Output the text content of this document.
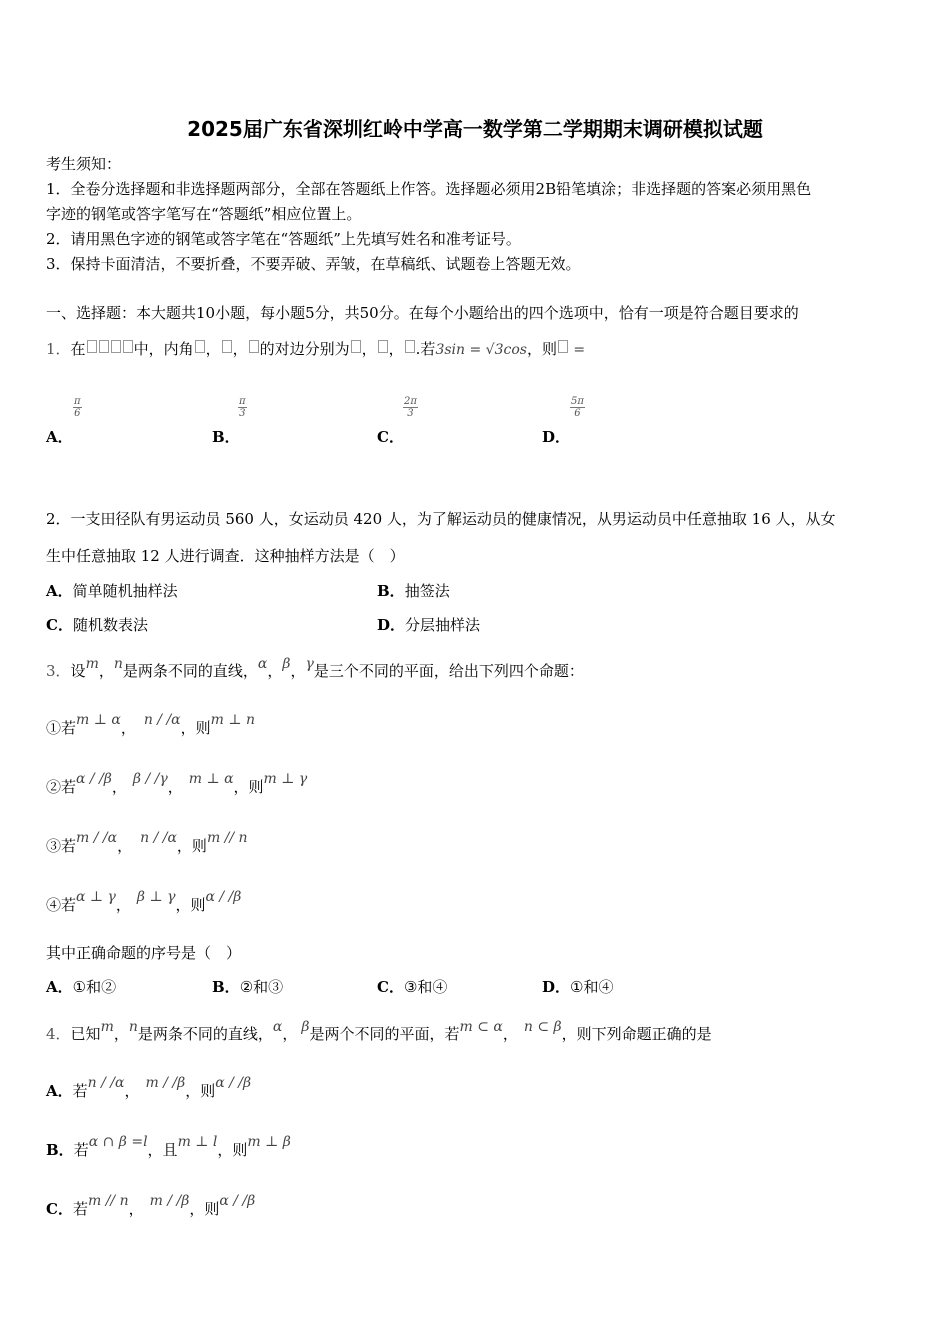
2025届广东省深圳红岭中学高一数学第二学期期末调研模拟试题
考生须知：
1．全卷分选择题和非选择题两部分，全部在答题纸上作答。选择题必须用2B铅笔填涂；非选择题的答案必须用黑色
字迹的钢笔或答字笔写在“答题纸”相应位置上。
2．请用黑色字迹的钢笔或答字笔在“答题纸”上先填写姓名和准考证号。
3．保持卡面清洁，不要折叠，不要弄破、弄皱，在草稿纸、试题卷上答题无效。
一、选择题：本大题共10小题，每小题5分，共50分。在每个小题给出的四个选项中，恰有一项是符合题目要求的
1．在	中，内角 ， ， 的对边分别为 ， ， .若3sin = √3cos，则 =
A．
$\frac{\pi}{6}$
B．
$\frac{\pi}{3}$
C．
$\frac{2\pi}{3}$
D．
$\frac{5\pi}{6}$
2．一支田径队有男运动员 560 人，女运动员 420 人，为了解运动员的健康情况，从男运动员中任意抽取 16 人，从女
生中任意抽取 12 人进行调查．这种抽样方法是（　）
A．简单随机抽样法	B．抽签法
C．随机数表法	D．分层抽样法
3．设m，n是两条不同的直线，α，β，γ是三个不同的平面，给出下列四个命题：
①若m ⊥ α， n / /α，则m ⊥ n
②若α / /β， β / /γ， m ⊥ α，则m ⊥ γ
③若m / /α， n / /α，则m // n
④若α ⊥ γ， β ⊥ γ，则α / /β
其中正确命题的序号是（　）
A．①和②	B．②和③	C．③和④	D．①和④
4．已知m，n是两条不同的直线，α， β是两个不同的平面，若m ⊂ α， n ⊂ β，则下列命题正确的是
A．若n / /α， m / /β，则α / /β
B．若α ∩ β =l，且m ⊥ l，则m ⊥ β
C．若m // n， m / /β，则α / /β
